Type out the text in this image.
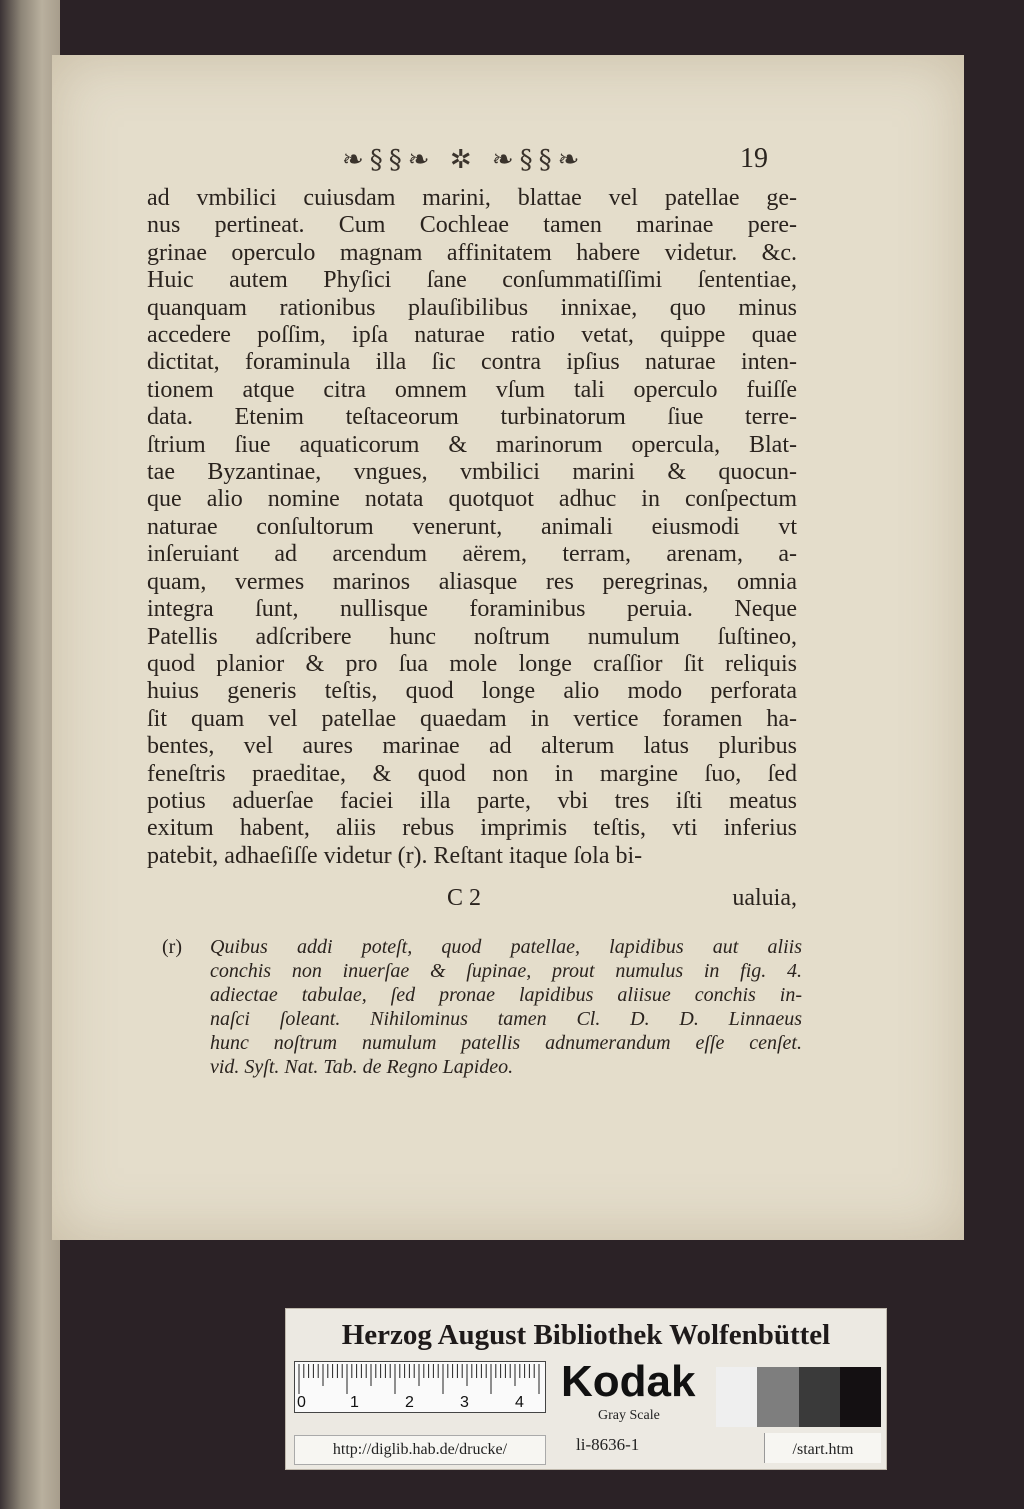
❧§§❧ ✲ ❧§§❧	19
ad vmbilici cuiusdam marini, blattae vel patellae ge-
nus pertineat. Cum Cochleae tamen marinae pere-
grinae operculo magnam affinitatem habere videtur. &c.
Huic autem Phyſici ſane conſummatiſſimi ſententiae,
quanquam rationibus plauſibilibus innixae, quo minus
accedere poſſim, ipſa naturae ratio vetat, quippe quae
dictitat, foraminula illa ſic contra ipſius naturae inten-
tionem atque citra omnem vſum tali operculo fuiſſe
data. Etenim teſtaceorum turbinatorum ſiue terre-
ſtrium ſiue aquaticorum & marinorum opercula, Blat-
tae Byzantinae, vngues, vmbilici marini & quocun-
que alio nomine notata quotquot adhuc in conſpectum
naturae conſultorum venerunt, animali eiusmodi vt
inſeruiant ad arcendum aërem, terram, arenam, a-
quam, vermes marinos aliasque res peregrinas, omnia
integra ſunt, nullisque foraminibus peruia. Neque
Patellis adſcribere hunc noſtrum numulum ſuſtineo,
quod planior & pro ſua mole longe craſſior ſit reliquis
huius generis teſtis, quod longe alio modo perforata
ſit quam vel patellae quaedam in vertice foramen ha-
bentes, vel aures marinae ad alterum latus pluribus
feneſtris praeditae, & quod non in margine ſuo, ſed
potius aduerſae faciei illa parte, vbi tres iſti meatus
exitum habent, aliis rebus imprimis teſtis, vti inferius
patebit, adhaeſiſſe videtur (r). Reſtant itaque ſola bi-
C 2	ualuia,
(r) Quibus addi poteſt, quod patellae, lapidibus aut aliis
conchis non inuerſae & ſupinae, prout numulus in fig. 4.
adiectae tabulae, ſed pronae lapidibus aliisue conchis in-
naſci ſoleant. Nihilominus tamen Cl. D. D. Linnaeus
hunc noſtrum numulum patellis adnumerandum eſſe cenſet.
vid. Syſt. Nat. Tab. de Regno Lapideo.
Herzog August Bibliothek Wolfenbüttel
0	1	2	3	4 Kodak
Gray Scale
http://diglib.hab.de/drucke/	li-8636-1	/start.htm
